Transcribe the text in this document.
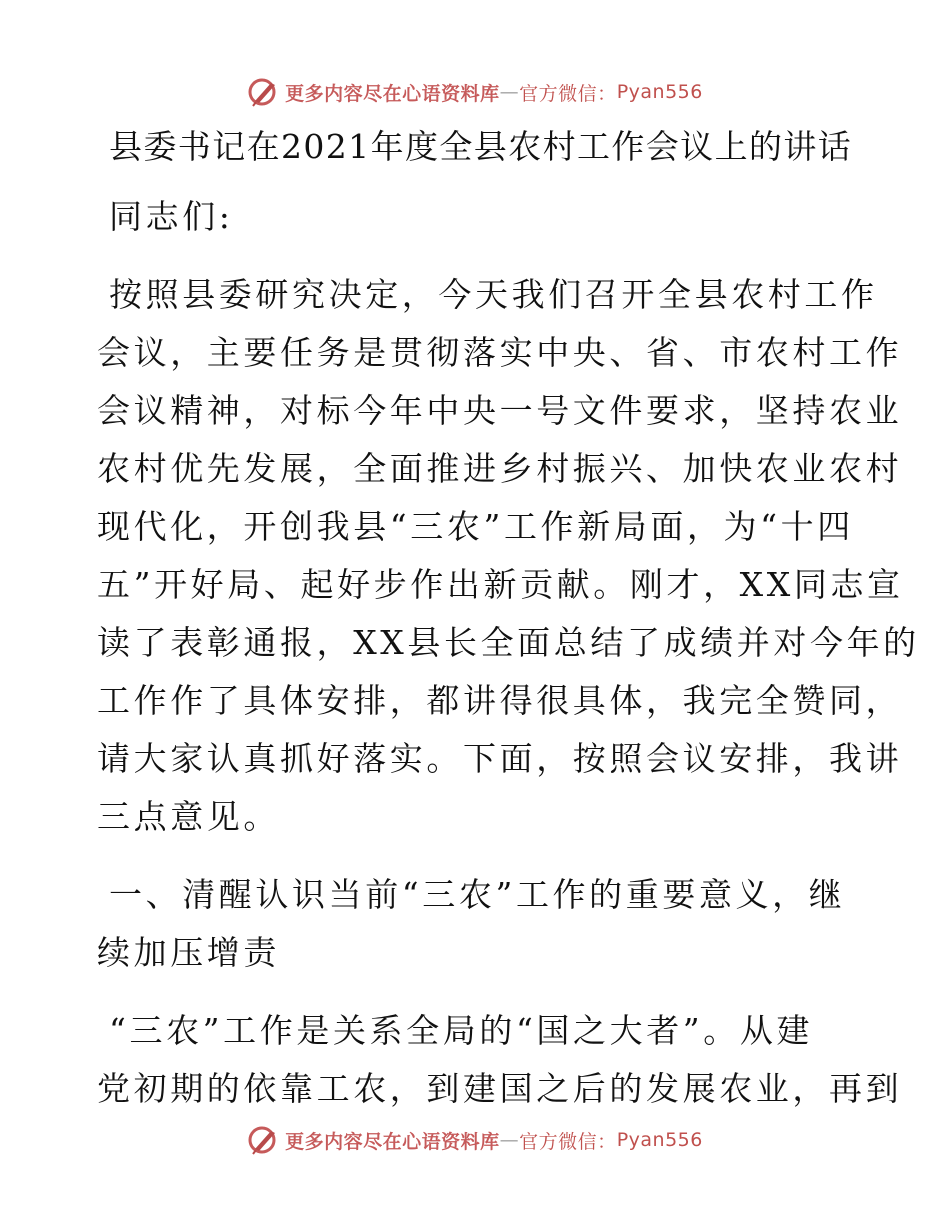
更多内容尽在心语资料库 — 官方微信： Pyan556
县委书记在2021年度全县农村工作会议上的讲话
同志们:
按照县委研究决定，今天我们召开全县农村工作
会议，主要任务是贯彻落实中央、省、市农村工作
会议精神，对标今年中央一号文件要求，坚持农业
农村优先发展，全面推进乡村振兴、加快农业农村
现代化，开创我县“三农”工作新局面，为“十四
五”开好局、起好步作出新贡献。刚才，XX同志宣
读了表彰通报，XX县长全面总结了成绩并对今年的
工作作了具体安排，都讲得很具体，我完全赞同，
请大家认真抓好落实。下面，按照会议安排，我讲
三点意见。
一、清醒认识当前“三农”工作的重要意义，继
续加压增责
“三农”工作是关系全局的“国之大者”。从建
党初期的依靠工农，到建国之后的发展农业，再到
更多内容尽在心语资料库 — 官方微信： Pyan556
